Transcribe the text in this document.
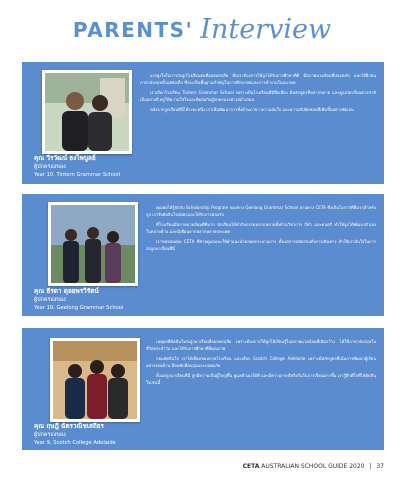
PARENTS' Interview
คุณ วีรวัฒน์ ธงไพบูลย์
ผู้ปกครองของ
Year 10, Tintern Grammar School

แรงจูงใจในการส่งลูกไปเรียนต่อที่ออสเตรเลีย คือเราต้องการให้ลูกได้รับการศึกษาที่ดี มีสภาพแวดล้อมที่ปลอดภัย และได้ฝึกฝนภาษาอังกฤษตั้งแต่ยังเด็ก ซึ่งจะเป็นพื้นฐานสำคัญในการศึกษาต่อและการทำงานในอนาคต

เราเลือกโรงเรียน Tintern Grammar School เพราะเป็นโรงเรียนที่มีชื่อเสียง มีหลักสูตรที่หลากหลาย และดูแลนักเรียนต่างชาติเป็นอย่างดี ครูให้ความใส่ใจและติดต่อกับผู้ปกครองอย่างสม่ำเสมอ

หลังจากลูกเรียนที่นี่ได้ระยะหนึ่ง เราเห็นพัฒนาการทั้งด้านภาษา ความมั่นใจ และความรับผิดชอบที่เพิ่มขึ้นอย่างชัดเจน

คุณ ธีรดา ดุลยพรวิรัตน์
ผู้ปกครองของ
Year 10, Geelong Grammar School

คุณพ่อได้รู้จักกับ Scholarship Program ของทาง Geelong Grammar School ผ่านทาง CETA ซึ่งเป็นโอกาสที่ดีมากสำหรับลูก เราจึงตัดสินใจสมัครและได้รับการตอบรับ

ที่โรงเรียนมีสภาพแวดล้อมที่ดีมาก นักเรียนได้ทำกิจกรรมหลากหลายทั้งด้านวิชาการ กีฬา และดนตรี ทำให้ลูกได้พัฒนาตัวเองในหลายด้าน และมีเพื่อนจากหลากหลายประเทศ

เราขอขอบคุณ CETA ที่ช่วยดูแลและให้คำแนะนำตลอดกระบวนการ ตั้งแต่การสมัครจนถึงการเดินทาง ทำให้เรามั่นใจในการส่งลูกมาเรียนที่นี่

คุณ ฤษฎี ฉัตรวณิชเสถียร
ผู้ปกครองของ
Year 9, Scotch College Adelaide

เหตุผลที่ตัดสินใจส่งลูกมาเรียนที่ออสเตรเลีย เพราะต้องการให้ลูกได้เรียนรู้ในสภาพแวดล้อมที่เปิดกว้าง ได้ใช้ภาษาอังกฤษในชีวิตประจำวัน และได้รับการศึกษาที่มีคุณภาพ

ก่อนตัดสินใจ เราได้เยี่ยมชมหลายโรงเรียน และเลือก Scotch College Adelaide เพราะมีหลักสูตรที่เน้นการพัฒนาผู้เรียนอย่างรอบด้าน มีหอพักที่อบอุ่นและปลอดภัย

ตั้งแต่ลูกมาเรียนที่นี่ ลูกมีความเป็นผู้ใหญ่ขึ้น ดูแลตัวเองได้ดี และมีความกระตือรือร้นในการเรียนมากขึ้น เรารู้สึกดีใจที่ได้ตัดสินใจเช่นนี้

CETA AUSTRALIAN SCHOOL GUIDE 2020 | 37
